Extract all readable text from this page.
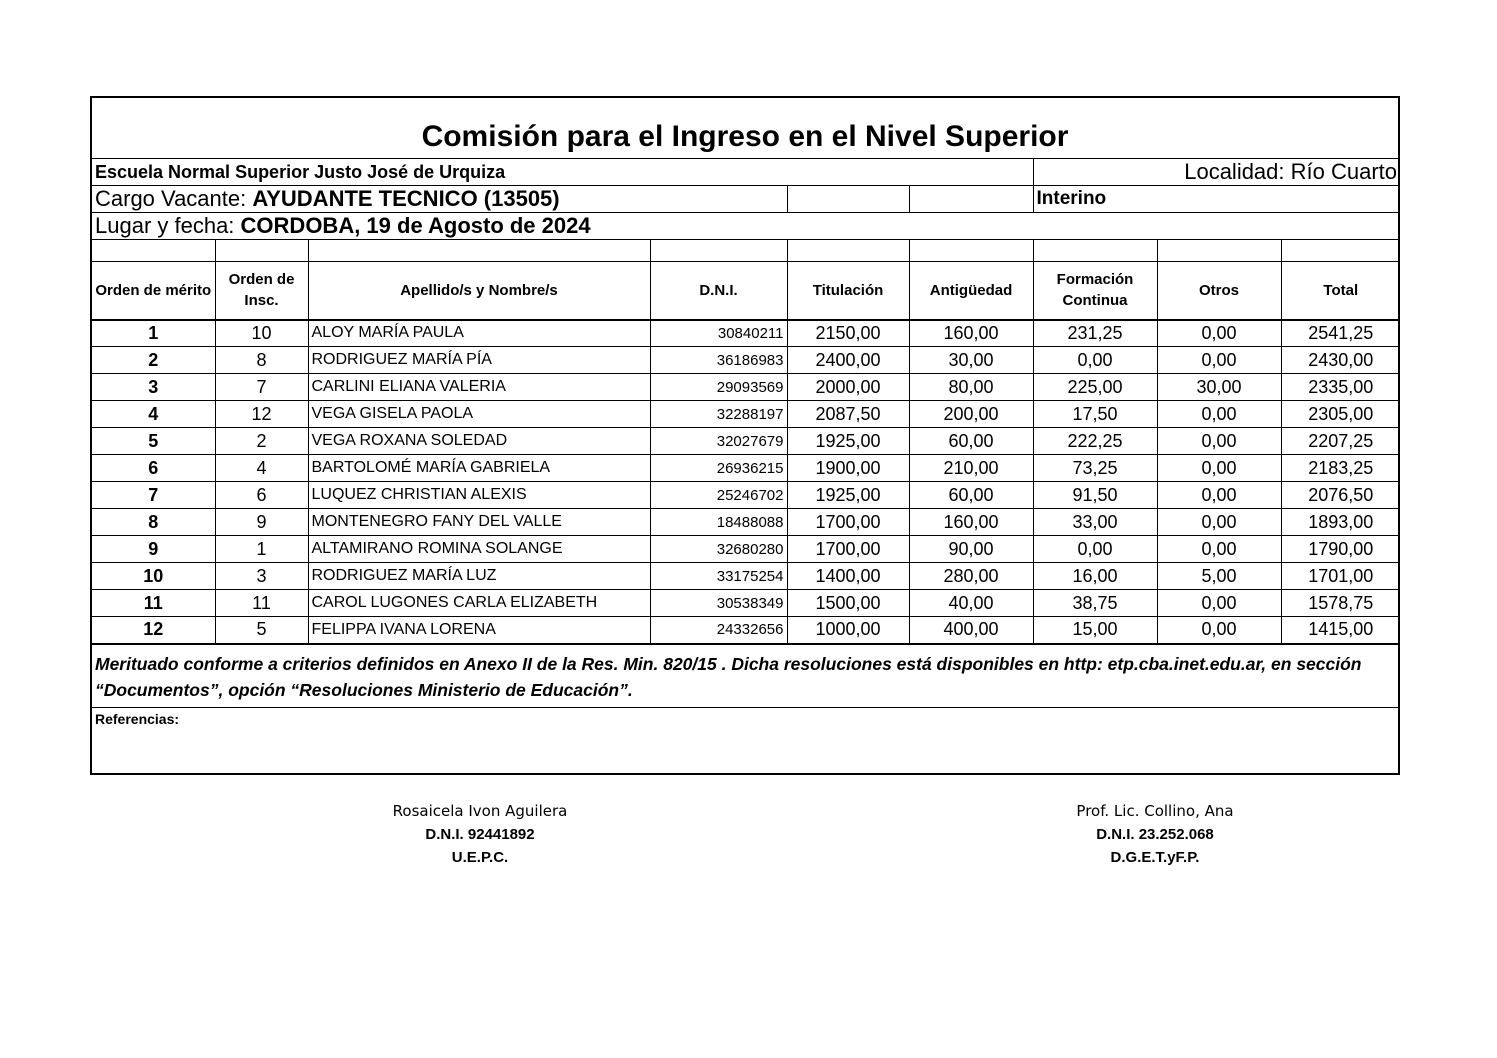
Comisión para el Ingreso en el Nivel Superior
Escuela Normal Superior Justo José de Urquiza						Localidad: Río Cuarto		
Cargo Vacante: AYUDANTE TECNICO (13505)						Interino		
Lugar y fecha: CORDOBA, 19 de Agosto de 2024								

Orden de mérito	Orden de Insc.	Apellido/s y Nombre/s	D.N.I.	Titulación	Antigüedad	Formación Continua	Otros	Total
1	10	ALOY MARÍA PAULA	30840211	2150,00	160,00	231,25	0,00	2541,25
2	8	RODRIGUEZ MARÍA PÍA	36186983	2400,00	30,00	0,00	0,00	2430,00
3	7	CARLINI ELIANA VALERIA	29093569	2000,00	80,00	225,00	30,00	2335,00
4	12	VEGA GISELA PAOLA	32288197	2087,50	200,00	17,50	0,00	2305,00
5	2	VEGA ROXANA SOLEDAD	32027679	1925,00	60,00	222,25	0,00	2207,25
6	4	BARTOLOMÉ MARÍA GABRIELA	26936215	1900,00	210,00	73,25	0,00	2183,25
7	6	LUQUEZ CHRISTIAN ALEXIS	25246702	1925,00	60,00	91,50	0,00	2076,50
8	9	MONTENEGRO FANY DEL VALLE	18488088	1700,00	160,00	33,00	0,00	1893,00
9	1	ALTAMIRANO ROMINA SOLANGE	32680280	1700,00	90,00	0,00	0,00	1790,00
10	3	RODRIGUEZ MARÍA LUZ	33175254	1400,00	280,00	16,00	5,00	1701,00
11	11	CAROL LUGONES CARLA ELIZABETH	30538349	1500,00	40,00	38,75	0,00	1578,75
12	5	FELIPPA IVANA LORENA	24332656	1000,00	400,00	15,00	0,00	1415,00
Merituado conforme a criterios definidos en Anexo II de la Res. Min. 820/15 . Dicha resoluciones está disponibles en http: etp.cba.inet.edu.ar, en sección “Documentos”, opción “Resoluciones Ministerio de Educación”.								
Referencias:								
Rosaicela Ivon Aguilera
D.N.I. 92441892
U.E.P.C.
Prof. Lic. Collino, Ana
D.N.I. 23.252.068
D.G.E.T.yF.P.
